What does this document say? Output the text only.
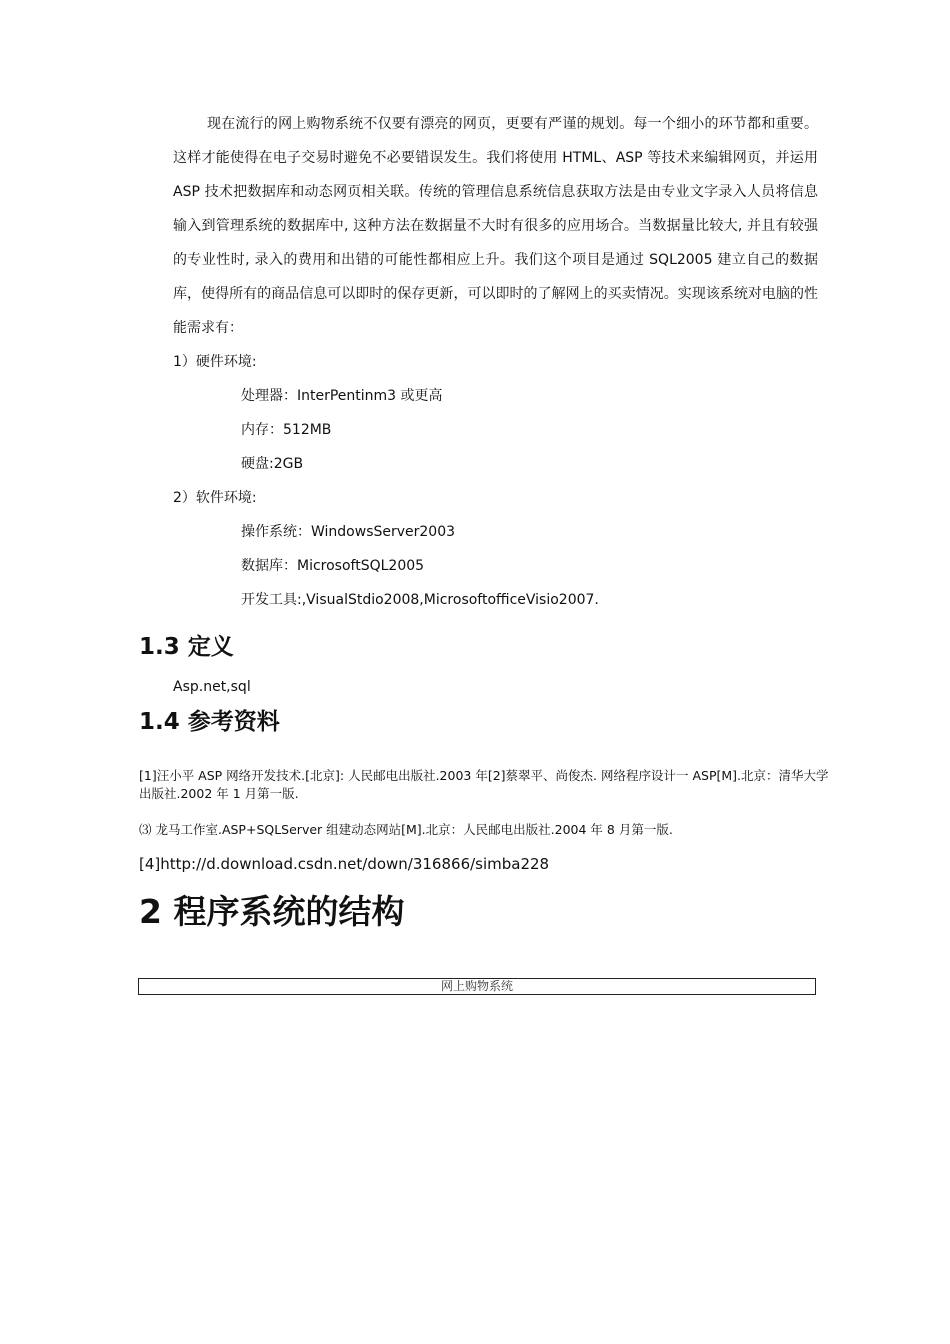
现在流行的网上购物系统不仅要有漂亮的网页，更要有严谨的规划。每一个细小的环节都和重要。这样才能使得在电子交易时避免不必要错误发生。我们将使用 HTML、ASP 等技术来编辑网页，并运用 ASP 技术把数据库和动态网页相关联。传统的管理信息系统信息获取方法是由专业文字录入人员将信息输入到管理系统的数据库中, 这种方法在数据量不大时有很多的应用场合。当数据量比较大, 并且有较强的专业性时, 录入的费用和出错的可能性都相应上升。我们这个项目是通过 SQL2005 建立自己的数据库，使得所有的商品信息可以即时的保存更新，可以即时的了解网上的买卖情况。实现该系统对电脑的性能需求有：

1）硬件环境:
处理器：InterPentinm3 或更高
内存：512MB
硬盘:2GB
2）软件环境:
操作系统：WindowsServer2003
数据库：MicrosoftSQL2005
开发工具:,VisualStdio2008,MicrosoftofficeVisio2007.
1.3 定义
Asp.net,sql
1.4 参考资料

[1]汪小平 ASP 网络开发技术.[北京]: 人民邮电出版社.2003 年[2]蔡翠平、尚俊杰. 网络程序设计一 ASP[M].北京：清华大学出版社.2002 年 1 月第一版.

⑶ 龙马工作室.ASP+SQLServer 组建动态网站[M].北京：人民邮电出版社.2004 年 8 月第一版.

[4]http://d.download.csdn.net/down/316866/simba228
2 程序系统的结构
网上购物系统
